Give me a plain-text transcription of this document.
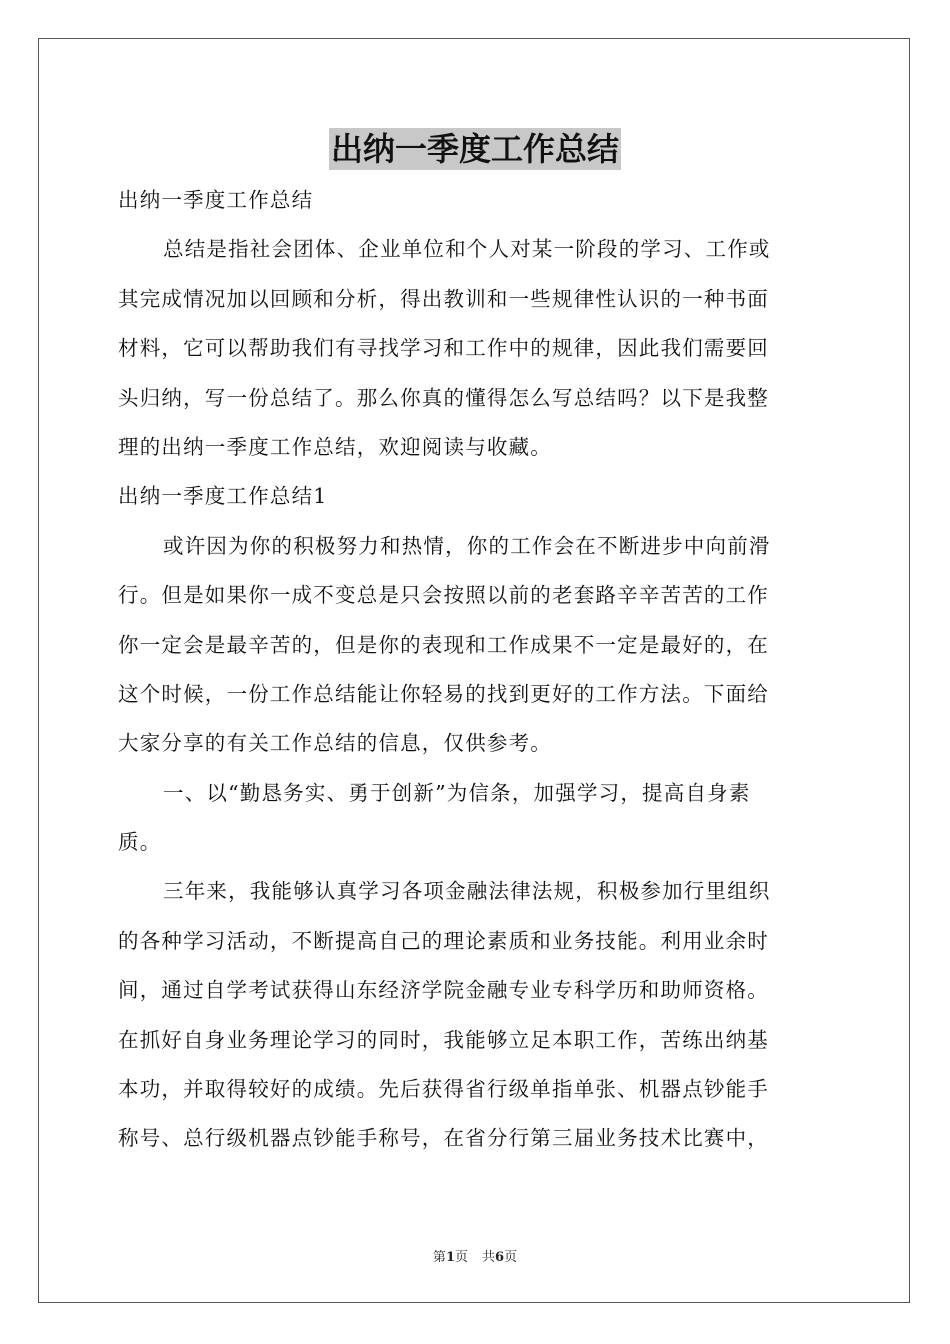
出纳一季度工作总结
出纳一季度工作总结
总结是指社会团体、企业单位和个人对某一阶段的学习、工作或
其完成情况加以回顾和分析，得出教训和一些规律性认识的一种书面
材料，它可以帮助我们有寻找学习和工作中的规律，因此我们需要回
头归纳，写一份总结了。那么你真的懂得怎么写总结吗？以下是我整
理的出纳一季度工作总结，欢迎阅读与收藏。
出纳一季度工作总结1
或许因为你的积极努力和热情，你的工作会在不断进步中向前滑
行。但是如果你一成不变总是只会按照以前的老套路辛辛苦苦的工作
你一定会是最辛苦的，但是你的表现和工作成果不一定是最好的，在
这个时候，一份工作总结能让你轻易的找到更好的工作方法。下面给
大家分享的有关工作总结的信息，仅供参考。
一、以“勤恳务实、勇于创新”为信条，加强学习，提高自身素
质。
三年来，我能够认真学习各项金融法律法规，积极参加行里组织
的各种学习活动，不断提高自己的理论素质和业务技能。利用业余时
间，通过自学考试获得山东经济学院金融专业专科学历和助师资格。
在抓好自身业务理论学习的同时，我能够立足本职工作，苦练出纳基
本功，并取得较好的成绩。先后获得省行级单指单张、机器点钞能手
称号、总行级机器点钞能手称号，在省分行第三届业务技术比赛中，
第1页 共6页
